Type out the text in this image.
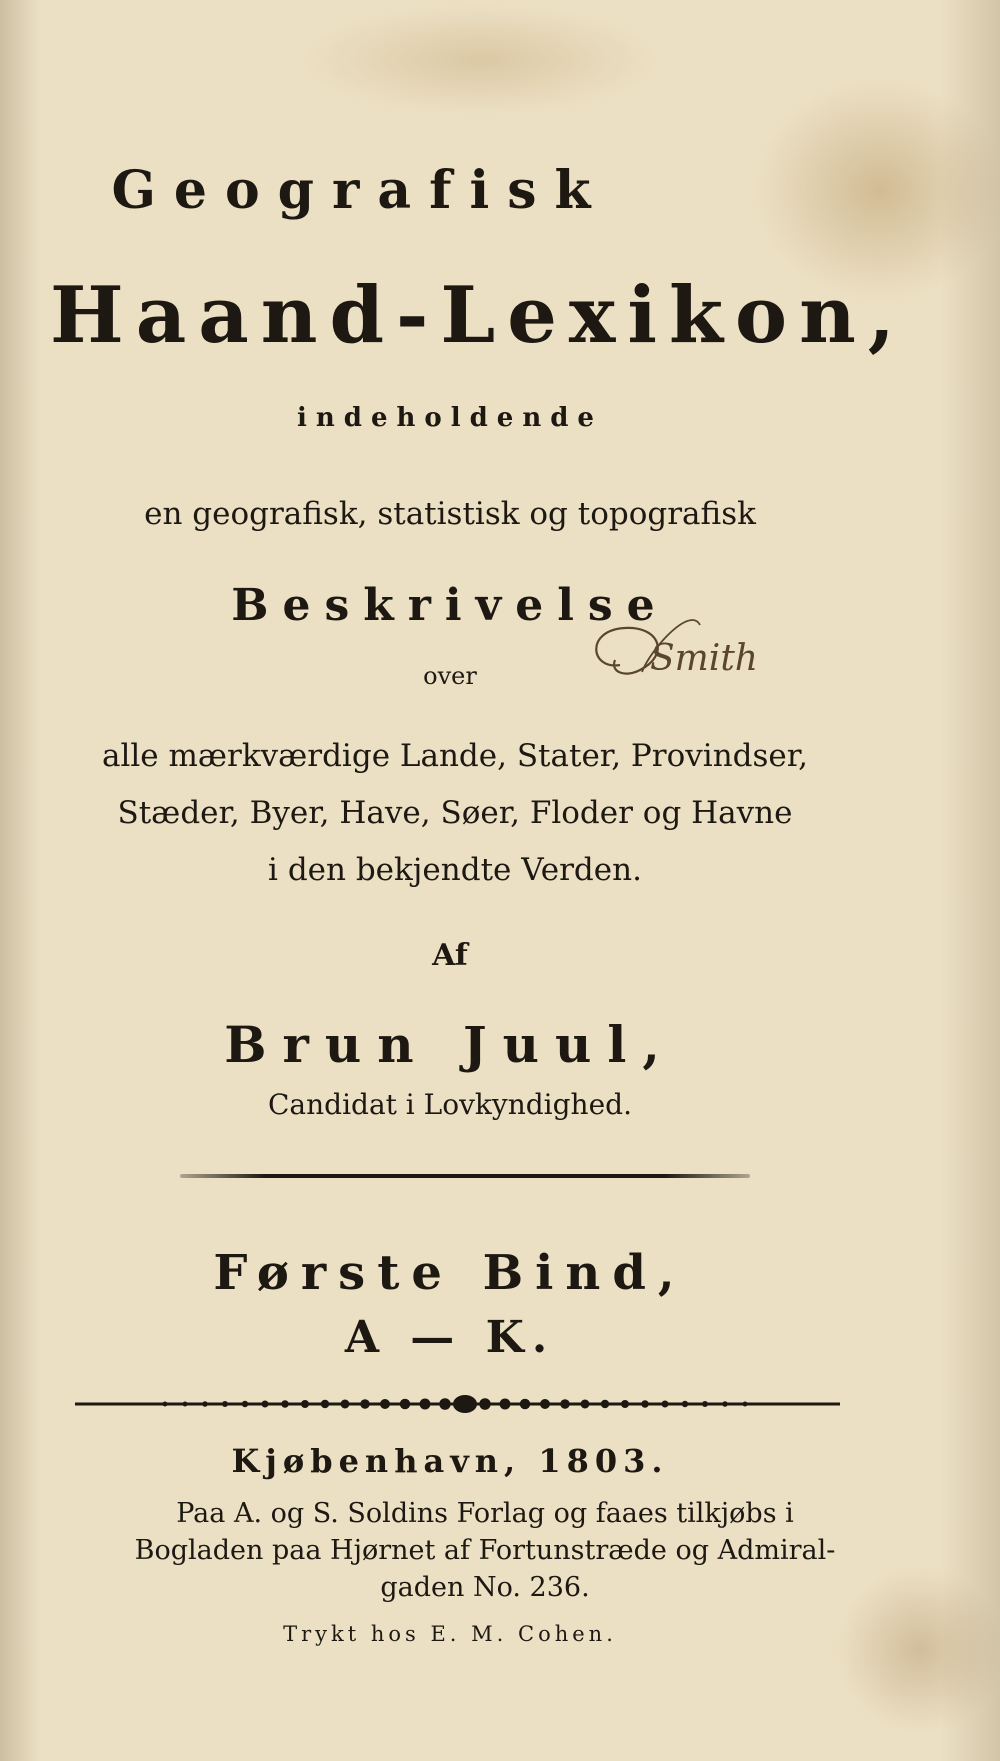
Geografisk

Haand-Lexikon,

indeholdende

en geografisk, statistisk og topografisk

Beskrivelse

over

alle mærkværdige Lande, Stater, Provindser,

Stæder, Byer, Have, Søer, Floder og Havne

i den bekjendte Verden.

Smith

Af

Brun Juul,

Candidat i Lovkyndighed.

Første Bind,

A — K.

Kjøbenhavn, 1803.

Paa A. og S. Soldins Forlag og faaes tilkjøbs i

Bogladen paa Hjørnet af Fortunstræde og Admiral-

gaden No. 236.

Trykt hos E. M. Cohen.
